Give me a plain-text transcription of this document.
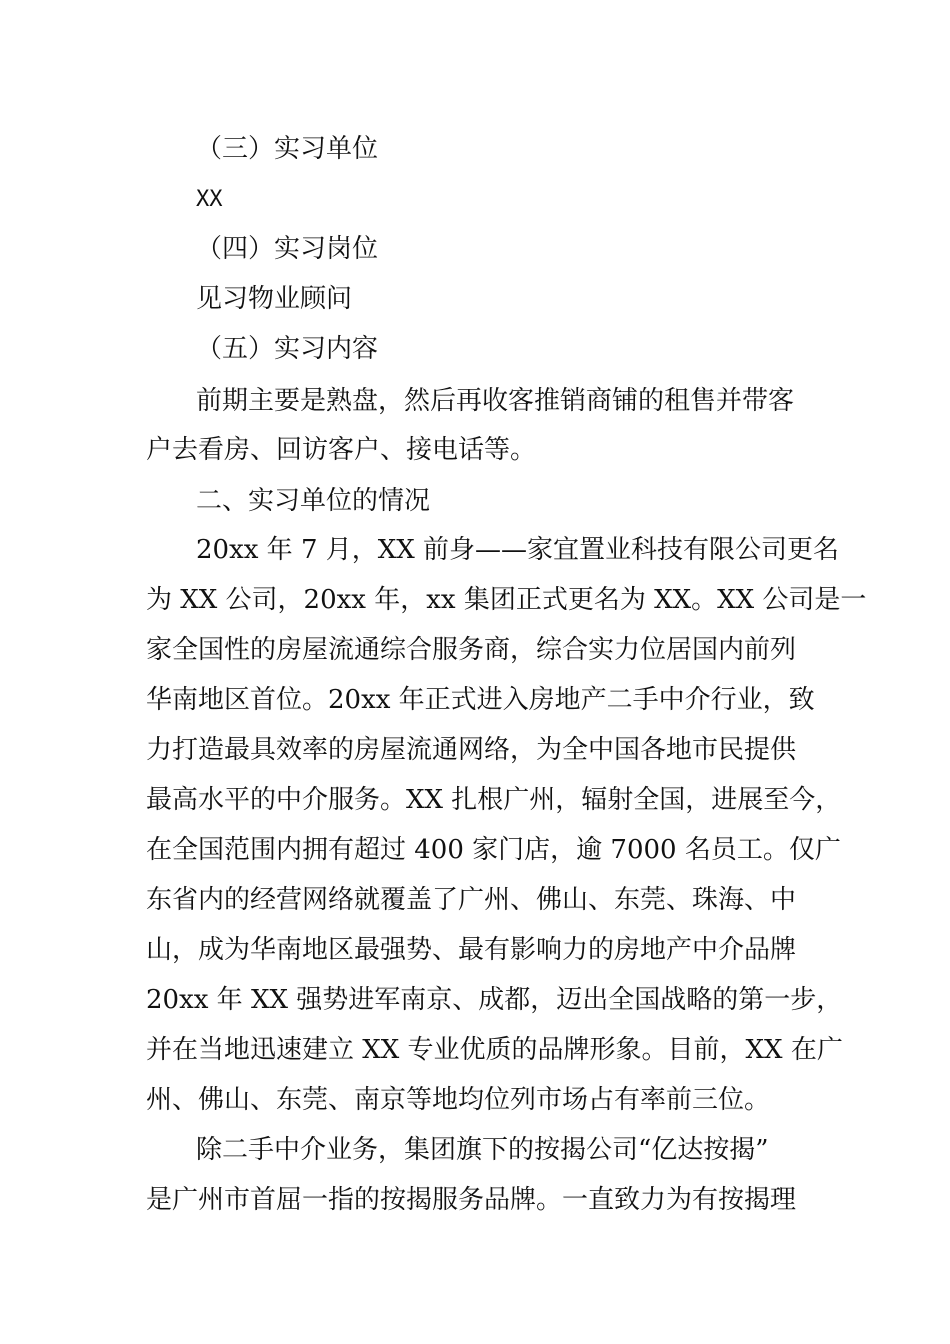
（三）实习单位
XX
（四）实习岗位
见习物业顾问
（五）实习内容
前期主要是熟盘，然后再收客推销商铺的租售并带客
户去看房、回访客户、接电话等。
二、实习单位的情况
20xx 年 7 月，XX 前身——家宜置业科技有限公司更名
为 XX 公司，20xx 年，xx 集团正式更名为 XX。XX 公司是一
家全国性的房屋流通综合服务商，综合实力位居国内前列
华南地区首位。20xx 年正式进入房地产二手中介行业，致
力打造最具效率的房屋流通网络，为全中国各地市民提供
最高水平的中介服务。XX 扎根广州，辐射全国，进展至今，
在全国范围内拥有超过 400 家门店，逾 7000 名员工。仅广
东省内的经营网络就覆盖了广州、佛山、东莞、珠海、中
山，成为华南地区最强势、最有影响力的房地产中介品牌
20xx 年 XX 强势进军南京、成都，迈出全国战略的第一步，
并在当地迅速建立 XX 专业优质的品牌形象。目前，XX 在广
州、佛山、东莞、南京等地均位列市场占有率前三位。
除二手中介业务，集团旗下的按揭公司“亿达按揭”
是广州市首屈一指的按揭服务品牌。一直致力为有按揭理
